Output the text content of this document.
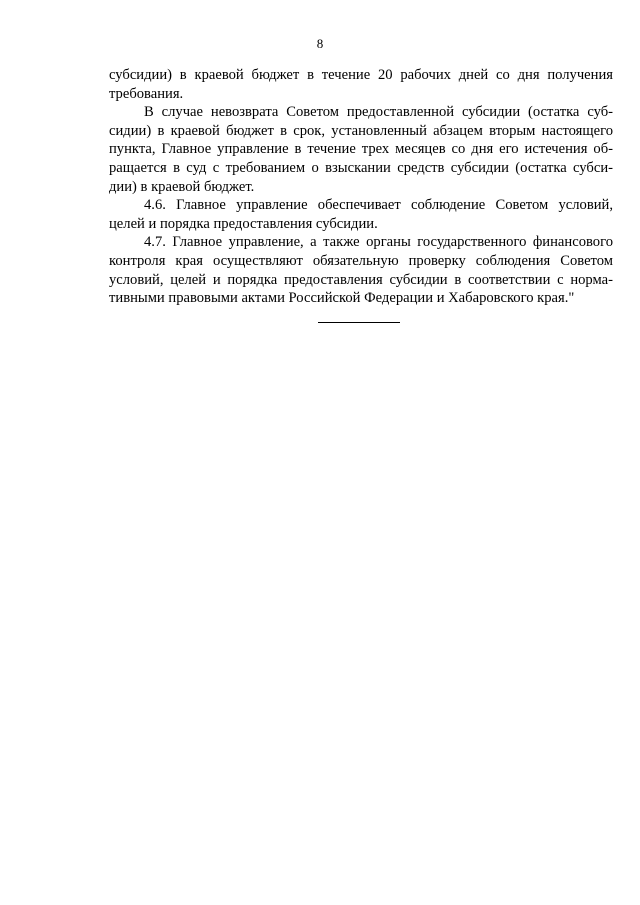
8
субсидии) в краевой бюджет в течение 20 рабочих дней со дня получения
требования.
В случае невозврата Советом предоставленной субсидии (остатка суб-
сидии) в краевой бюджет в срок, установленный абзацем вторым настоящего
пункта, Главное управление в течение трех месяцев со дня его истечения об-
ращается в суд с требованием о взыскании средств субсидии (остатка субси-
дии) в краевой бюджет.
4.6. Главное управление обеспечивает соблюдение Советом условий,
целей и порядка предоставления субсидии.
4.7. Главное управление, а также органы государственного финансового
контроля края осуществляют обязательную проверку соблюдения Советом
условий, целей и порядка предоставления субсидии в соответствии с норма-
тивными правовыми актами Российской Федерации и Хабаровского края."
